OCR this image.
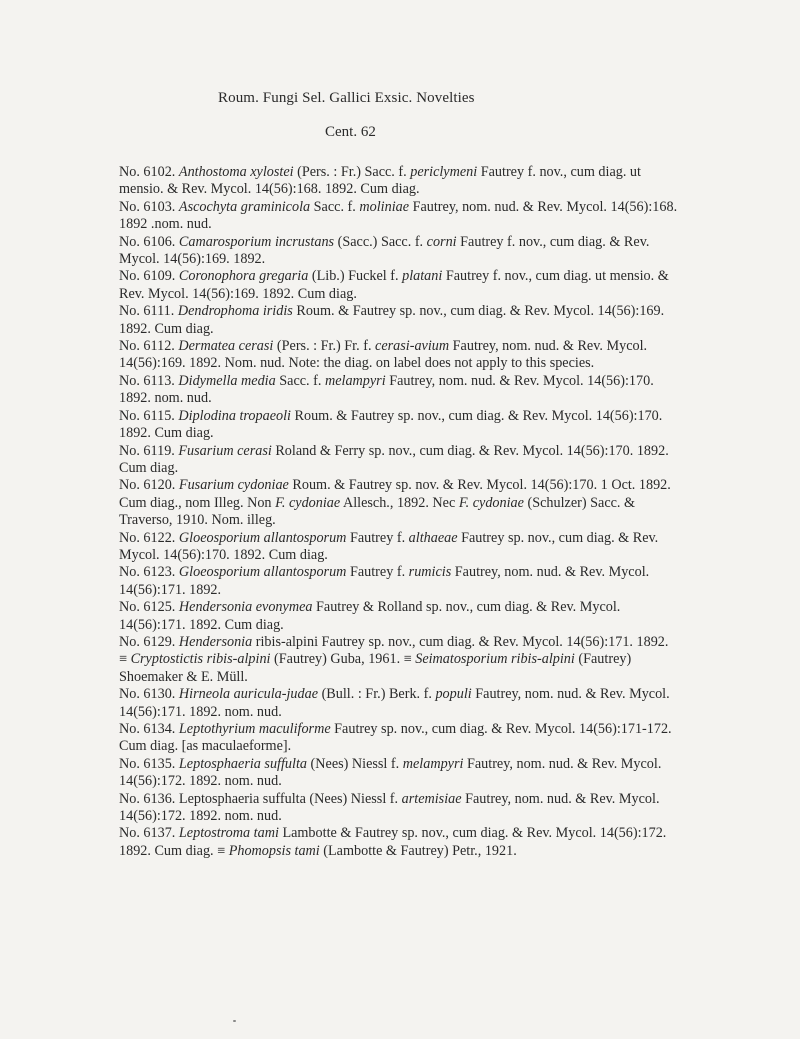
Roum. Fungi Sel. Gallici Exsic. Novelties
Cent. 62

No. 6102. Anthostoma xylostei (Pers. : Fr.) Sacc. f. periclymeni Fautrey f. nov., cum diag. ut mensio. & Rev. Mycol. 14(56):168. 1892. Cum diag.

No. 6103. Ascochyta graminicola Sacc. f. moliniae Fautrey, nom. nud. & Rev. Mycol. 14(56):168. 1892 .nom. nud.

No. 6106. Camarosporium incrustans (Sacc.) Sacc. f. corni Fautrey f. nov., cum diag. & Rev. Mycol. 14(56):169. 1892.

No. 6109. Coronophora gregaria (Lib.) Fuckel f. platani Fautrey f. nov., cum diag. ut mensio. & Rev. Mycol. 14(56):169. 1892. Cum diag.

No. 6111. Dendrophoma iridis Roum. & Fautrey sp. nov., cum diag. & Rev. Mycol. 14(56):169. 1892. Cum diag.

No. 6112. Dermatea cerasi (Pers. : Fr.) Fr. f. cerasi-avium Fautrey, nom. nud. & Rev. Mycol. 14(56):169. 1892. Nom. nud. Note: the diag. on label does not apply to this species.

No. 6113. Didymella media Sacc. f. melampyri Fautrey, nom. nud. & Rev. Mycol. 14(56):170. 1892. nom. nud.

No. 6115. Diplodina tropaeoli Roum. & Fautrey sp. nov., cum diag. & Rev. Mycol. 14(56):170. 1892. Cum diag.

No. 6119. Fusarium cerasi Roland & Ferry sp. nov., cum diag. & Rev. Mycol. 14(56):170. 1892. Cum diag.

No. 6120. Fusarium cydoniae Roum. & Fautrey sp. nov. & Rev. Mycol. 14(56):170. 1 Oct. 1892. Cum diag., nom Illeg. Non F. cydoniae Allesch., 1892. Nec F. cydoniae (Schulzer) Sacc. & Traverso, 1910. Nom. illeg.

No. 6122. Gloeosporium allantosporum Fautrey f. althaeae Fautrey sp. nov., cum diag. & Rev. Mycol. 14(56):170. 1892. Cum diag.

No. 6123. Gloeosporium allantosporum Fautrey f. rumicis Fautrey, nom. nud. & Rev. Mycol. 14(56):171. 1892.

No. 6125. Hendersonia evonymea Fautrey & Rolland sp. nov., cum diag. & Rev. Mycol. 14(56):171. 1892. Cum diag.

No. 6129. Hendersonia ribis-alpini Fautrey sp. nov., cum diag. & Rev. Mycol. 14(56):171. 1892. ≡ Cryptostictis ribis-alpini (Fautrey) Guba, 1961. ≡ Seimatosporium ribis-alpini (Fautrey) Shoemaker & E. Müll.

No. 6130. Hirneola auricula-judae (Bull. : Fr.) Berk. f. populi Fautrey, nom. nud. & Rev. Mycol. 14(56):171. 1892. nom. nud.

No. 6134. Leptothyrium maculiforme Fautrey sp. nov., cum diag. & Rev. Mycol. 14(56):171-172. Cum diag. [as maculaeforme].

No. 6135. Leptosphaeria suffulta (Nees) Niessl f. melampyri Fautrey, nom. nud. & Rev. Mycol. 14(56):172. 1892. nom. nud.

No. 6136. Leptosphaeria suffulta (Nees) Niessl f. artemisiae Fautrey, nom. nud. & Rev. Mycol. 14(56):172. 1892. nom. nud.

No. 6137. Leptostroma tami Lambotte & Fautrey sp. nov., cum diag. & Rev. Mycol. 14(56):172. 1892. Cum diag. ≡ Phomopsis tami (Lambotte & Fautrey) Petr., 1921.
